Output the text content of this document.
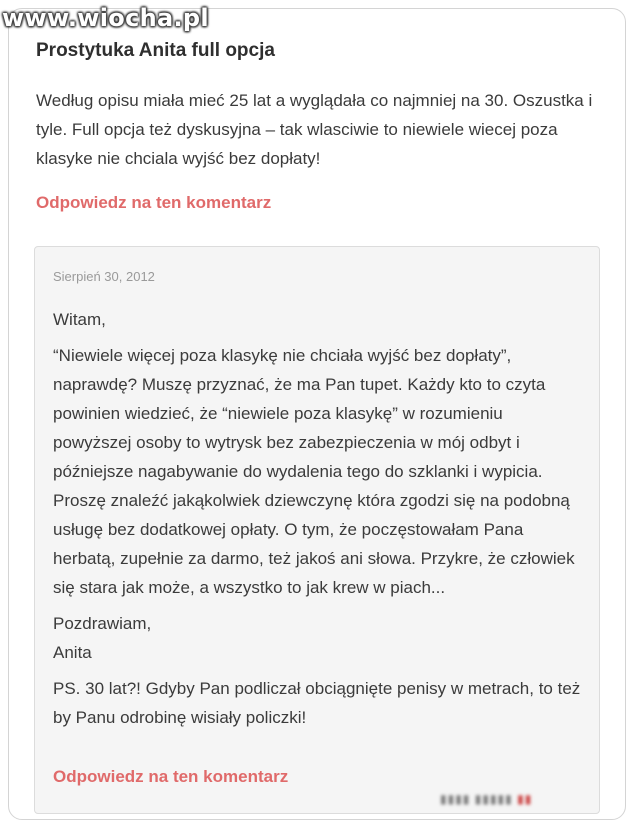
www.wiocha.pl
Prostytuka Anita full opcja

Według opisu miała mieć 25 lat a wyglądała co najmniej na 30. Oszustka i tyle. Full opcja też dyskusyjna – tak wlasciwie to niewiele wiecej poza klasyke nie chciala wyjść bez dopłaty!

Odpowiedz na ten komentarz
Sierpień 30, 2012

Witam,

“Niewiele więcej poza klasykę nie chciała wyjść bez dopłaty”, naprawdę? Muszę przyznać, że ma Pan tupet. Każdy kto to czyta powinien wiedzieć, że “niewiele poza klasykę” w rozumieniu powyższej osoby to wytrysk bez zabezpieczenia w mój odbyt i późniejsze nagabywanie do wydalenia tego do szklanki i wypicia. Proszę znaleźć jakąkolwiek dziewczynę która zgodzi się na podobną usługę bez dodatkowej opłaty. O tym, że poczęstowałam Pana herbatą, zupełnie za darmo, też jakoś ani słowa. Przykre, że człowiek się stara jak może, a wszystko to jak krew w piach...

Pozdrawiam,

Anita

PS. 30 lat?! Gdyby Pan podliczał obciągnięte penisy w metrach, to też by Panu odrobinę wisiały policzki!

Odpowiedz na ten komentarz
▮▮▮▮ ▮▮▮▮▮ ▮▮
